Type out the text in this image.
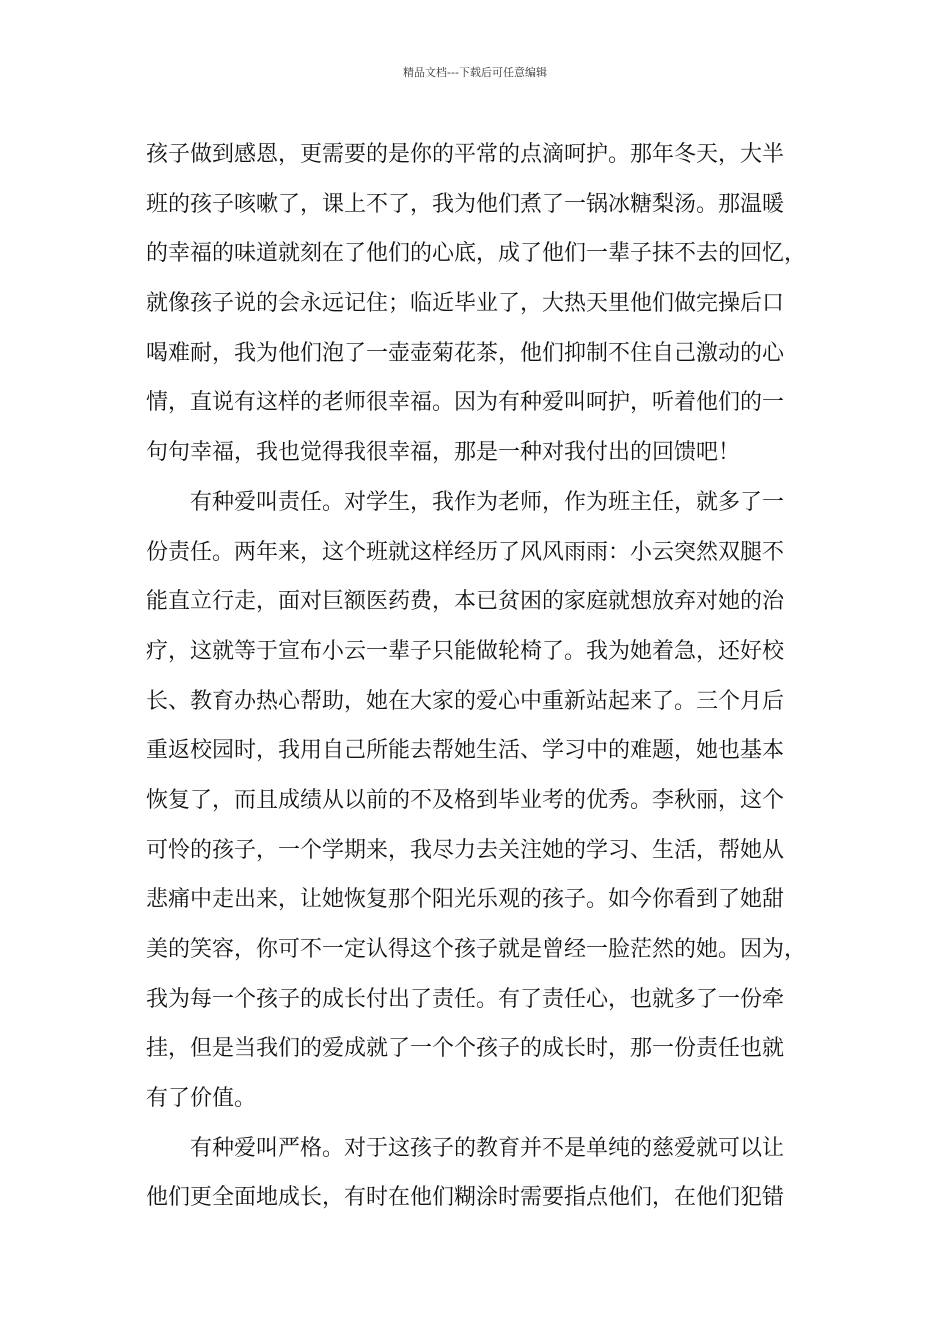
精品文档---下载后可任意编辑
孩子做到感恩，更需要的是你的平常的点滴呵护。那年冬天，大半
班的孩子咳嗽了，课上不了，我为他们煮了一锅冰糖梨汤。那温暖
的幸福的味道就刻在了他们的心底，成了他们一辈子抹不去的回忆，
就像孩子说的会永远记住；临近毕业了，大热天里他们做完操后口
喝难耐，我为他们泡了一壶壶菊花茶，他们抑制不住自己激动的心
情，直说有这样的老师很幸福。因为有种爱叫呵护，听着他们的一
句句幸福，我也觉得我很幸福，那是一种对我付出的回馈吧！
有种爱叫责任。对学生，我作为老师，作为班主任，就多了一
份责任。两年来，这个班就这样经历了风风雨雨：小云突然双腿不
能直立行走，面对巨额医药费，本已贫困的家庭就想放弃对她的治
疗，这就等于宣布小云一辈子只能做轮椅了。我为她着急，还好校
长、教育办热心帮助，她在大家的爱心中重新站起来了。三个月后
重返校园时，我用自己所能去帮她生活、学习中的难题，她也基本
恢复了，而且成绩从以前的不及格到毕业考的优秀。李秋丽，这个
可怜的孩子，一个学期来，我尽力去关注她的学习、生活，帮她从
悲痛中走出来，让她恢复那个阳光乐观的孩子。如今你看到了她甜
美的笑容，你可不一定认得这个孩子就是曾经一脸茫然的她。因为，
我为每一个孩子的成长付出了责任。有了责任心，也就多了一份牵
挂，但是当我们的爱成就了一个个孩子的成长时，那一份责任也就
有了价值。
有种爱叫严格。对于这孩子的教育并不是单纯的慈爱就可以让
他们更全面地成长，有时在他们糊涂时需要指点他们，在他们犯错
